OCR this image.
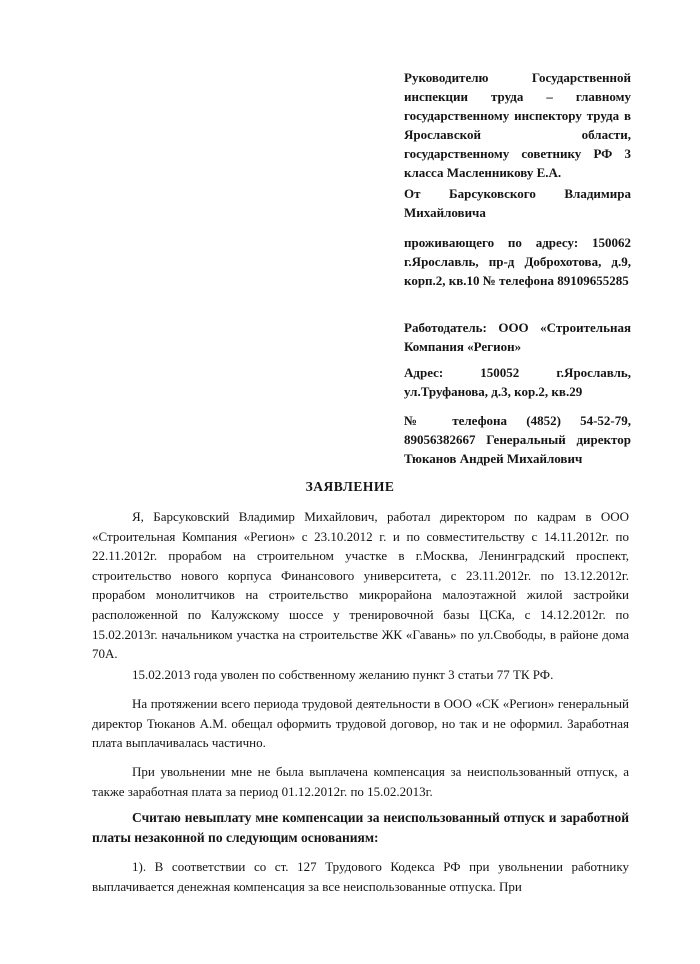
Руководителю Государственной инспекции труда – главному государственному инспектору труда в Ярославской области, государственному советнику РФ 3 класса Масленникову Е.А.

От Барсуковского Владимира Михайловича

проживающего по адресу: 150062 г.Ярославль, пр-д Доброхотова, д.9, корп.2, кв.10 № телефона 89109655285

Работодатель: ООО «Строительная Компания «Регион»

Адрес: 150052 г.Ярославль, ул.Труфанова, д.3, кор.2, кв.29

№ телефона (4852) 54-52-79, 89056382667 Генеральный директор Тюканов Андрей Михайлович

ЗАЯВЛЕНИЕ

Я, Барсуковский Владимир Михайлович, работал директором по кадрам в ООО «Строительная Компания «Регион» с 23.10.2012 г. и по совместительству с 14.11.2012г. по 22.11.2012г. прорабом на строительном участке в г.Москва, Ленинградский проспект, строительство нового корпуса Финансового университета, с 23.11.2012г. по 13.12.2012г. прорабом монолитчиков на строительство микрорайона малоэтажной жилой застройки расположенной по Калужскому шоссе у тренировочной базы ЦСКа, с 14.12.2012г. по 15.02.2013г. начальником участка на строительстве ЖК «Гавань» по ул.Свободы, в районе дома 70А.

15.02.2013 года уволен по собственному желанию пункт 3 статьи 77 ТК РФ.

На протяжении всего периода трудовой деятельности в ООО «СК «Регион» генеральный директор Тюканов А.М. обещал оформить трудовой договор, но так и не оформил. Заработная плата выплачивалась частично.

При увольнении мне не была выплачена компенсация за неиспользованный отпуск, а также заработная плата за период 01.12.2012г. по 15.02.2013г.

Считаю невыплату мне компенсации за неиспользованный отпуск и заработной платы незаконной по следующим основаниям:

1). В соответствии со ст. 127 Трудового Кодекса РФ при увольнении работнику выплачивается денежная компенсация за все неиспользованные отпуска. При
